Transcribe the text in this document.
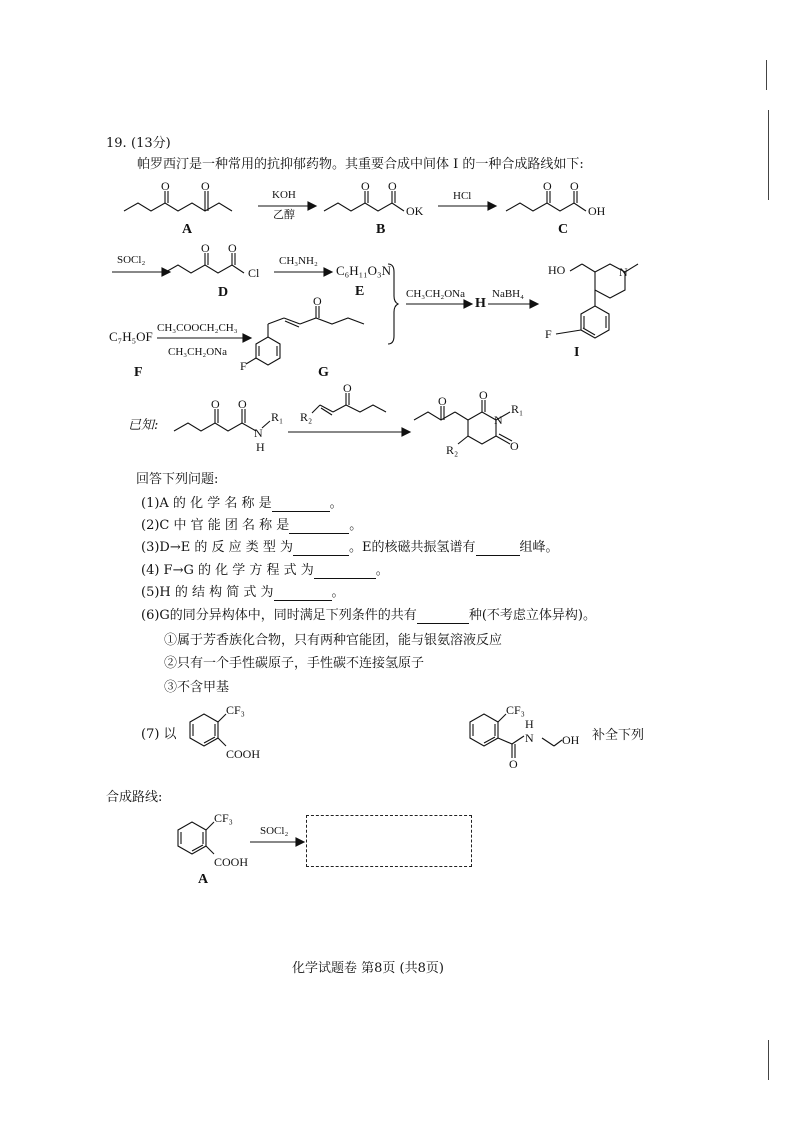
19. (13分)
帕罗西汀是一种常用的抗抑郁药物。其重要合成中间体 I 的一种合成路线如下:
O	O
A
KOH
乙醇
O O
OK
B
HCl
O O
OH
C
SOCl₂
O O
Cl
D
CH₃NH₂
C₆H₁₁O₃N
E	CH₃CH₂ONa
H
NaBH₄
HO	N
F
I
C₇H₅OF
CH₃COOCH₂CH₃
CH₃CH₂ONa
O
F
F	G
已知:
O O
N
H
R₁
O
R₂
O	O
O
N
R₁
R₂
回答下列问题:
(1)A 的 化 学 名 称 是	。
(2)C 中 官 能 团 名 称 是	。
(3)D→E 的 反 应 类 型 为	。E的核磁共振氢谱有	组峰。
(4) F→G 的 化 学 方 程 式 为	。
(5)H 的 结 构 简 式 为	。
(6)G的同分异构体中，同时满足下列条件的共有	种(不考虑立体异构)。
①属于芳香族化合物，只有两种官能团，能与银氨溶液反应
②只有一个手性碳原子，手性碳不连接氢原子
③不含甲基
(7) 以
CF₃
COOH
CF₃
H
N OH
O
补全下列
合成路线:
CF₃
COOH
A
SOCl₂
化学试题卷 第8页 (共8页)
